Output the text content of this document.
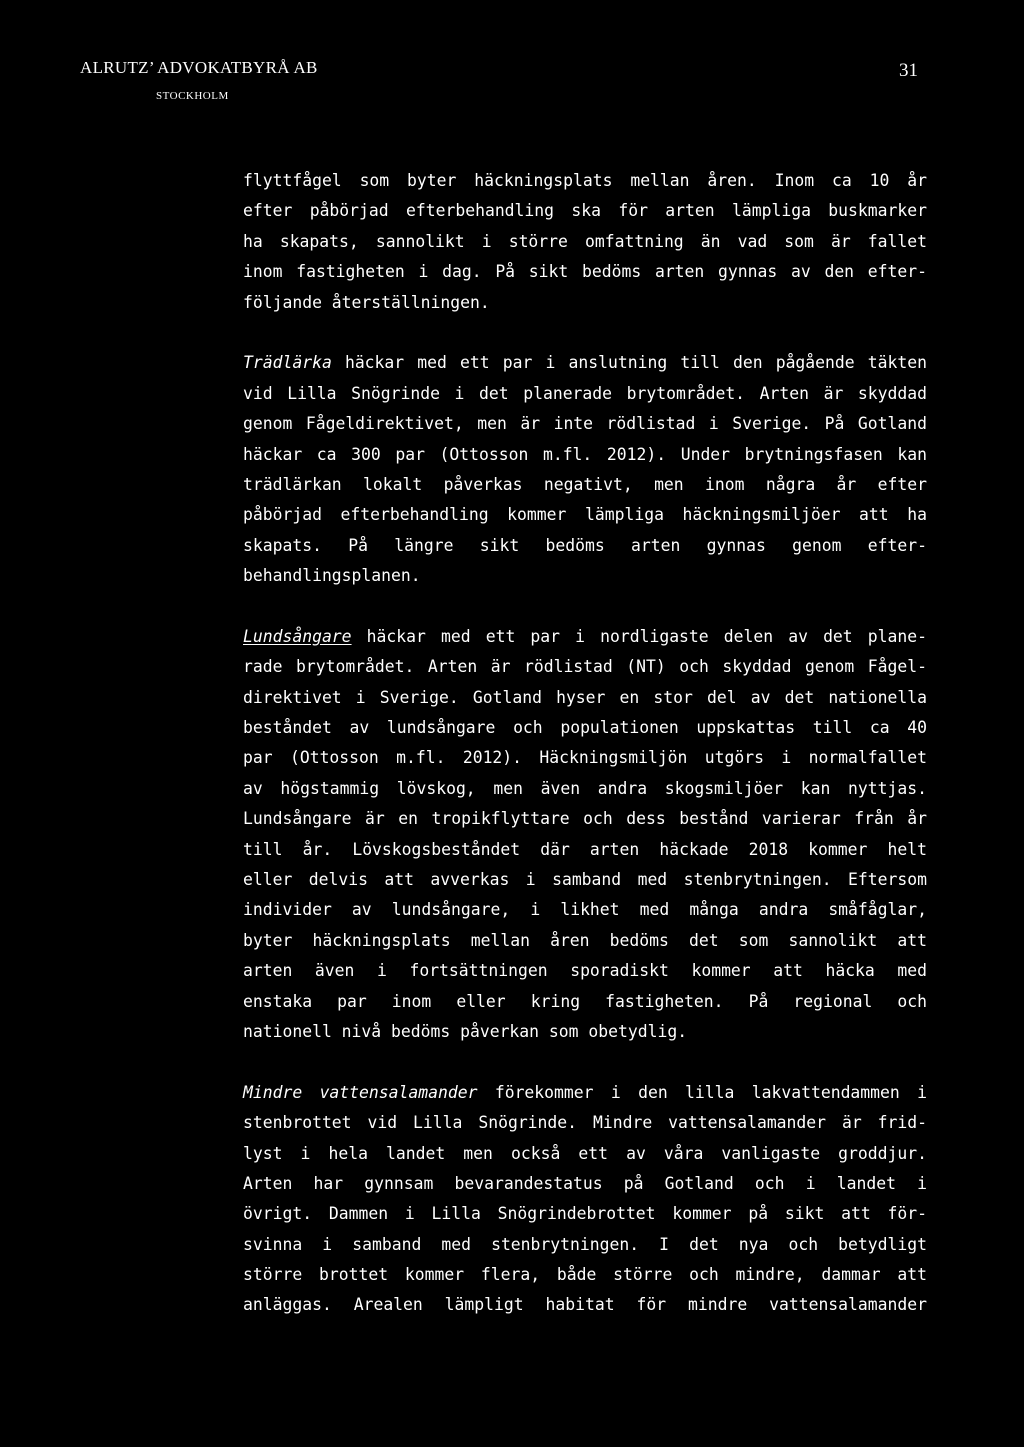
ALRUTZ’ ADVOKATBYRÅ AB
STOCKHOLM
31
flyttfågel som byter häckningsplats mellan åren. Inom ca 10 år
efter påbörjad efterbehandling ska för arten lämpliga buskmarker
ha skapats, sannolikt i större omfattning än vad som är fallet
inom fastigheten i dag. På sikt bedöms arten gynnas av den efter-
följande återställningen.
Trädlärka häckar med ett par i anslutning till den pågående täkten
vid Lilla Snögrinde i det planerade brytområdet. Arten är skyddad
genom Fågeldirektivet, men är inte rödlistad i Sverige. På Gotland
häckar ca 300 par (Ottosson m.fl. 2012). Under brytningsfasen kan
trädlärkan lokalt påverkas negativt, men inom några år efter
påbörjad efterbehandling kommer lämpliga häckningsmiljöer att ha
skapats. På längre sikt bedöms arten gynnas genom efter-
behandlingsplanen.
Lundsångare häckar med ett par i nordligaste delen av det plane-
rade brytområdet. Arten är rödlistad (NT) och skyddad genom Fågel-
direktivet i Sverige. Gotland hyser en stor del av det nationella
beståndet av lundsångare och populationen uppskattas till ca 40
par (Ottosson m.fl. 2012). Häckningsmiljön utgörs i normalfallet
av högstammig lövskog, men även andra skogsmiljöer kan nyttjas.
Lundsångare är en tropikflyttare och dess bestånd varierar från år
till år. Lövskogsbeståndet där arten häckade 2018 kommer helt
eller delvis att avverkas i samband med stenbrytningen. Eftersom
individer av lundsångare, i likhet med många andra småfåglar,
byter häckningsplats mellan åren bedöms det som sannolikt att
arten även i fortsättningen sporadiskt kommer att häcka med
enstaka par inom eller kring fastigheten. På regional och
nationell nivå bedöms påverkan som obetydlig.
Mindre vattensalamander förekommer i den lilla lakvattendammen i
stenbrottet vid Lilla Snögrinde. Mindre vattensalamander är frid-
lyst i hela landet men också ett av våra vanligaste groddjur.
Arten har gynnsam bevarandestatus på Gotland och i landet i
övrigt. Dammen i Lilla Snögrindebrottet kommer på sikt att för-
svinna i samband med stenbrytningen. I det nya och betydligt
större brottet kommer flera, både större och mindre, dammar att
anläggas. Arealen lämpligt habitat för mindre vattensalamander
